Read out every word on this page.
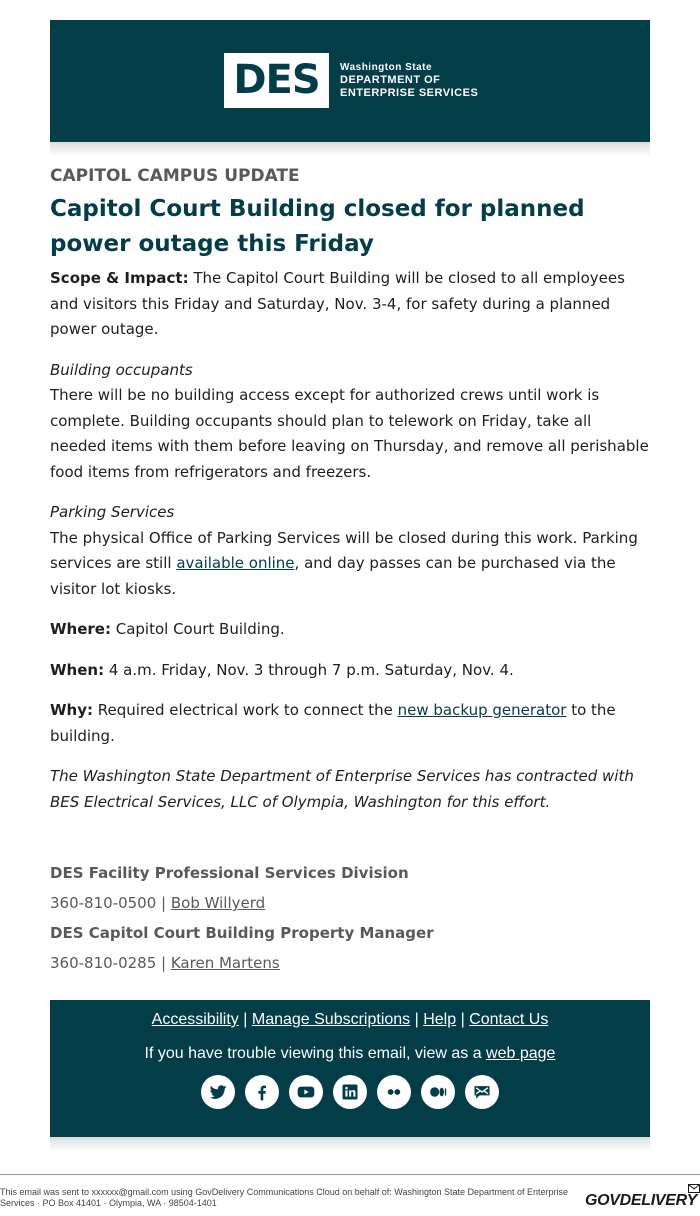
DES	Washington State
DEPARTMENT OF
ENTERPRISE SERVICES
CAPITOL CAMPUS UPDATE
Capitol Court Building closed for planned power outage this Friday

Scope & Impact: The Capitol Court Building will be closed to all employees and visitors this Friday and Saturday, Nov. 3-4, for safety during a planned power outage.

Building occupants
There will be no building access except for authorized crews until work is complete. Building occupants should plan to telework on Friday, take all needed items with them before leaving on Thursday, and remove all perishable food items from refrigerators and freezers.
Parking Services
The physical Office of Parking Services will be closed during this work. Parking services are still available online, and day passes can be purchased via the visitor lot kiosks.

Where: Capitol Court Building.

When: 4 a.m. Friday, Nov. 3 through 7 p.m. Saturday, Nov. 4.

Why: Required electrical work to connect the new backup generator to the building.

The Washington State Department of Enterprise Services has contracted with BES Electrical Services, LLC of Olympia, Washington for this effort.

DES Facility Professional Services Division
360-810-0500 | Bob Willyerd
DES Capitol Court Building Property Manager
360-810-0285 | Karen Martens
Accessibility | Manage Subscriptions | Help | Contact Us
If you have trouble viewing this email, view as a web page
This email was sent to xxxxxx@gmail.com using GovDelivery Communications Cloud on behalf of: Washington State Department of Enterprise Services · PO Box 41401 · Olympia, WA · 98504-1401	GOVDELIVERY
